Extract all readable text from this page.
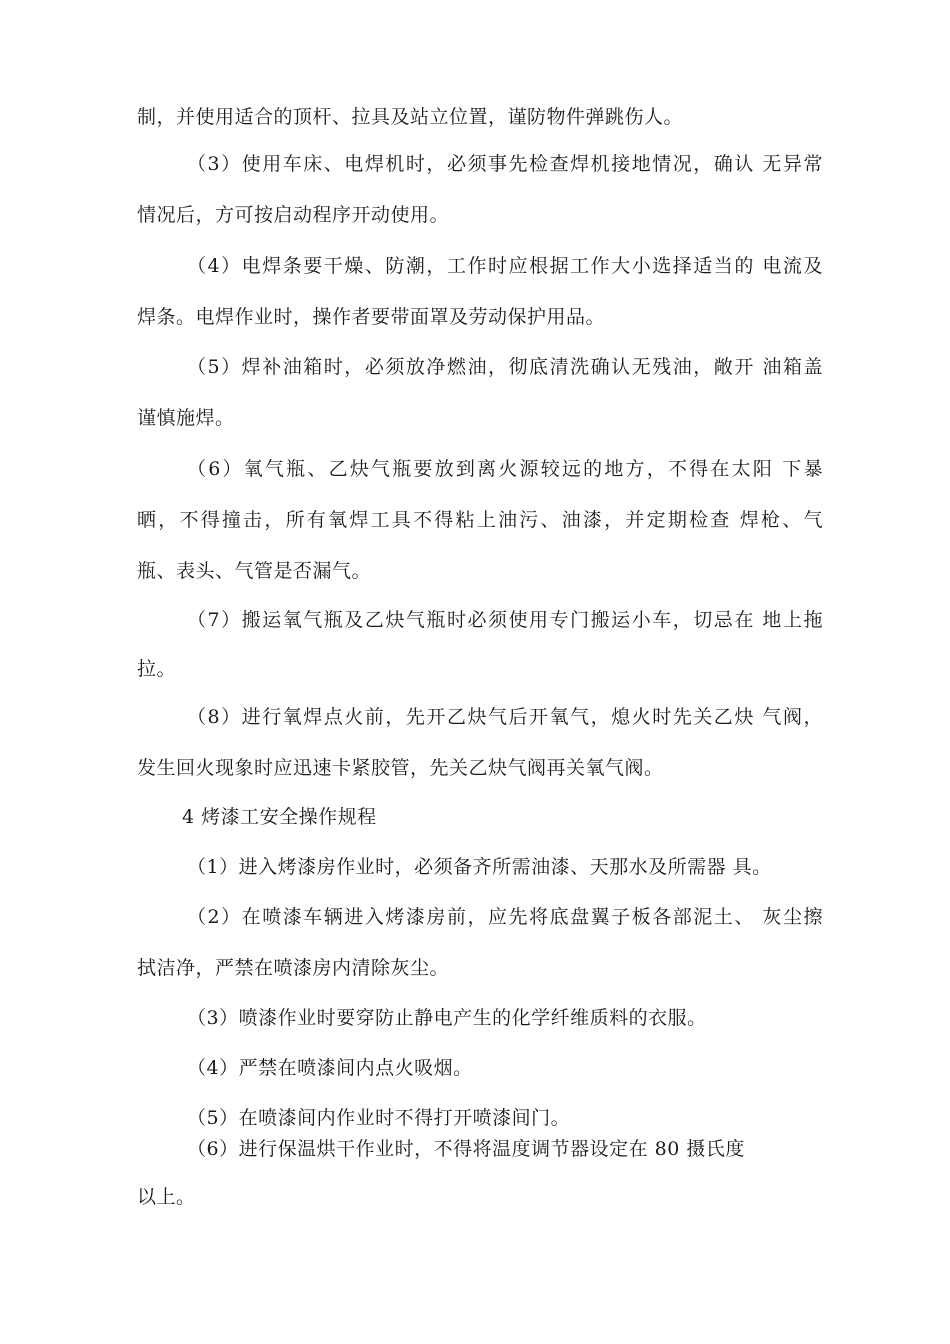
制，并使用适合的顶杆、拉具及站立位置，谨防物件弹跳伤人。

（3）使用车床、电焊机时，必须事先检查焊机接地情况，确认 无异常

情况后，方可按启动程序开动使用。

（4）电焊条要干燥、防潮，工作时应根据工作大小选择适当的 电流及

焊条。电焊作业时，操作者要带面罩及劳动保护用品。

（5）焊补油箱时，必须放净燃油，彻底清洗确认无残油，敞开 油箱盖

谨慎施焊。

（6）氧气瓶、乙炔气瓶要放到离火源较远的地方，不得在太阳 下暴

晒，不得撞击，所有氧焊工具不得粘上油污、油漆，并定期检查 焊枪、气

瓶、表头、气管是否漏气。

（7）搬运氧气瓶及乙炔气瓶时必须使用专门搬运小车，切忌在 地上拖

拉。

（8）进行氧焊点火前，先开乙炔气后开氧气，熄火时先关乙炔 气阀，

发生回火现象时应迅速卡紧胶管，先关乙炔气阀再关氧气阀。

4 烤漆工安全操作规程

（1）进入烤漆房作业时，必须备齐所需油漆、天那水及所需器 具。

（2）在喷漆车辆进入烤漆房前，应先将底盘翼子板各部泥土、 灰尘擦

拭洁净，严禁在喷漆房内清除灰尘。

（3）喷漆作业时要穿防止静电产生的化学纤维质料的衣服。

（4）严禁在喷漆间内点火吸烟。

（5）在喷漆间内作业时不得打开喷漆间门。

（6）进行保温烘干作业时，不得将温度调节器设定在 80 摄氏度

以上。
